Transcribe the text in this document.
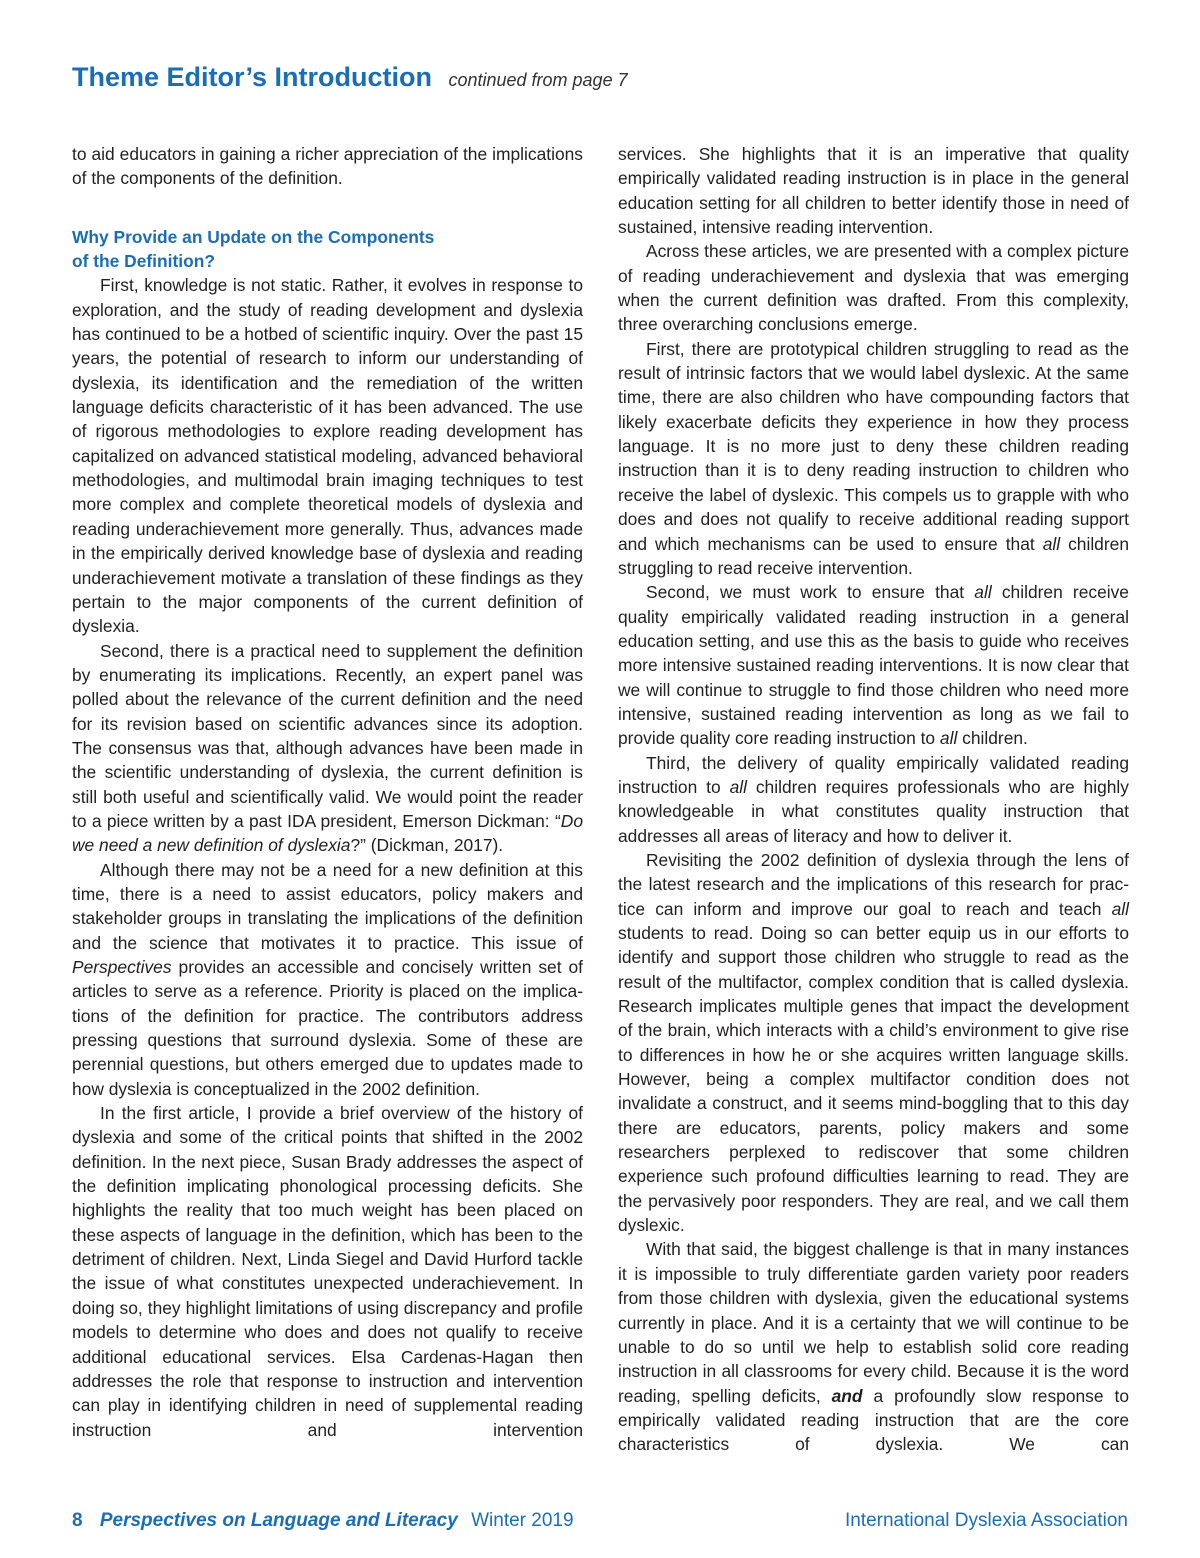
Theme Editor’s Introduction continued from page 7

to aid educators in gaining a richer appreciation of the implications of the components of the definition.

Why Provide an Update on the Components
of the Definition?

First, knowledge is not static. Rather, it evolves in response to exploration, and the study of reading development and dyslexia has continued to be a hotbed of scientific inquiry. Over the past 15 years, the potential of research to inform our understanding of dyslexia, its identification and the remediation of the written language deficits characteristic of it has been advanced. The use of rigorous methodologies to explore reading development has capitalized on advanced statistical modeling, advanced behavioral methodologies, and multimodal brain imaging techniques to test more complex and complete theoretical models of dyslexia and reading underachievement more generally. Thus, advances made in the empirically derived knowledge base of dyslexia and reading underachievement motivate a translation of these findings as they pertain to the major components of the current definition of dyslexia.

Second, there is a practical need to supplement the definition by enumerating its implications. Recently, an expert panel was polled about the relevance of the current definition and the need for its revision based on scientific advances since its adoption. The consensus was that, although advances have been made in the scientific understanding of dyslexia, the current definition is still both useful and scientifically valid. We would point the reader to a piece written by a past IDA president, Emerson Dickman: “Do we need a new definition of dyslexia?” (Dickman, 2017).

Although there may not be a need for a new definition at this time, there is a need to assist educators, policy makers and stakeholder groups in translating the implications of the definition and the science that motivates it to practice. This issue of Perspectives provides an accessible and concisely written set of articles to serve as a reference. Priority is placed on the implications of the definition for practice. The contributors address pressing questions that surround dyslexia. Some of these are perennial questions, but others emerged due to updates made to how dyslexia is conceptualized in the 2002 definition.

In the first article, I provide a brief overview of the history of dyslexia and some of the critical points that shifted in the 2002 definition. In the next piece, Susan Brady addresses the aspect of the definition implicating phonological processing deficits. She highlights the reality that too much weight has been placed on these aspects of language in the definition, which has been to the detriment of children. Next, Linda Siegel and David Hurford tackle the issue of what constitutes unexpected underachievement. In doing so, they highlight limitations of using discrepancy and profile models to determine who does and does not qualify to receive additional educational services. Elsa Cardenas-Hagan then addresses the role that response to instruction and intervention can play in identifying children in need of supplemental reading instruction and intervention

services. She highlights that it is an imperative that quality empirically validated reading instruction is in place in the general education setting for all children to better identify those in need of sustained, intensive reading intervention.

Across these articles, we are presented with a complex picture of reading underachievement and dyslexia that was emerging when the current definition was drafted. From this complexity, three overarching conclusions emerge.

First, there are prototypical children struggling to read as the result of intrinsic factors that we would label dyslexic. At the same time, there are also children who have compounding factors that likely exacerbate deficits they experience in how they process language. It is no more just to deny these children reading instruction than it is to deny reading instruction to children who receive the label of dyslexic. This compels us to grapple with who does and does not qualify to receive additional reading support and which mechanisms can be used to ensure that all children struggling to read receive intervention.

Second, we must work to ensure that all children receive quality empirically validated reading instruction in a general education setting, and use this as the basis to guide who receives more intensive sustained reading interventions. It is now clear that we will continue to struggle to find those children who need more intensive, sustained reading intervention as long as we fail to provide quality core reading instruction to all children.

Third, the delivery of quality empirically validated reading instruction to all children requires professionals who are highly knowledgeable in what constitutes quality instruction that addresses all areas of literacy and how to deliver it.

Revisiting the 2002 definition of dyslexia through the lens of the latest research and the implications of this research for practice can inform and improve our goal to reach and teach all students to read. Doing so can better equip us in our efforts to identify and support those children who struggle to read as the result of the multifactor, complex condition that is called dyslexia. Research implicates multiple genes that impact the development of the brain, which interacts with a child’s environment to give rise to differences in how he or she acquires written language skills. However, being a complex multifactor condition does not invalidate a construct, and it seems mind-boggling that to this day there are educators, parents, policy makers and some researchers perplexed to rediscover that some children experience such profound difficulties learning to read. They are the pervasively poor responders. They are real, and we call them dyslexic.

With that said, the biggest challenge is that in many instances it is impossible to truly differentiate garden variety poor readers from those children with dyslexia, given the educational systems currently in place. And it is a certainty that we will continue to be unable to do so until we help to establish solid core reading instruction in all classrooms for every child. Because it is the word reading, spelling deficits, and a profoundly slow response to empirically validated reading instruction that are the core characteristics of dyslexia. We can

8 Perspectives on Language and Literacy Winter 2019	International Dyslexia Association
